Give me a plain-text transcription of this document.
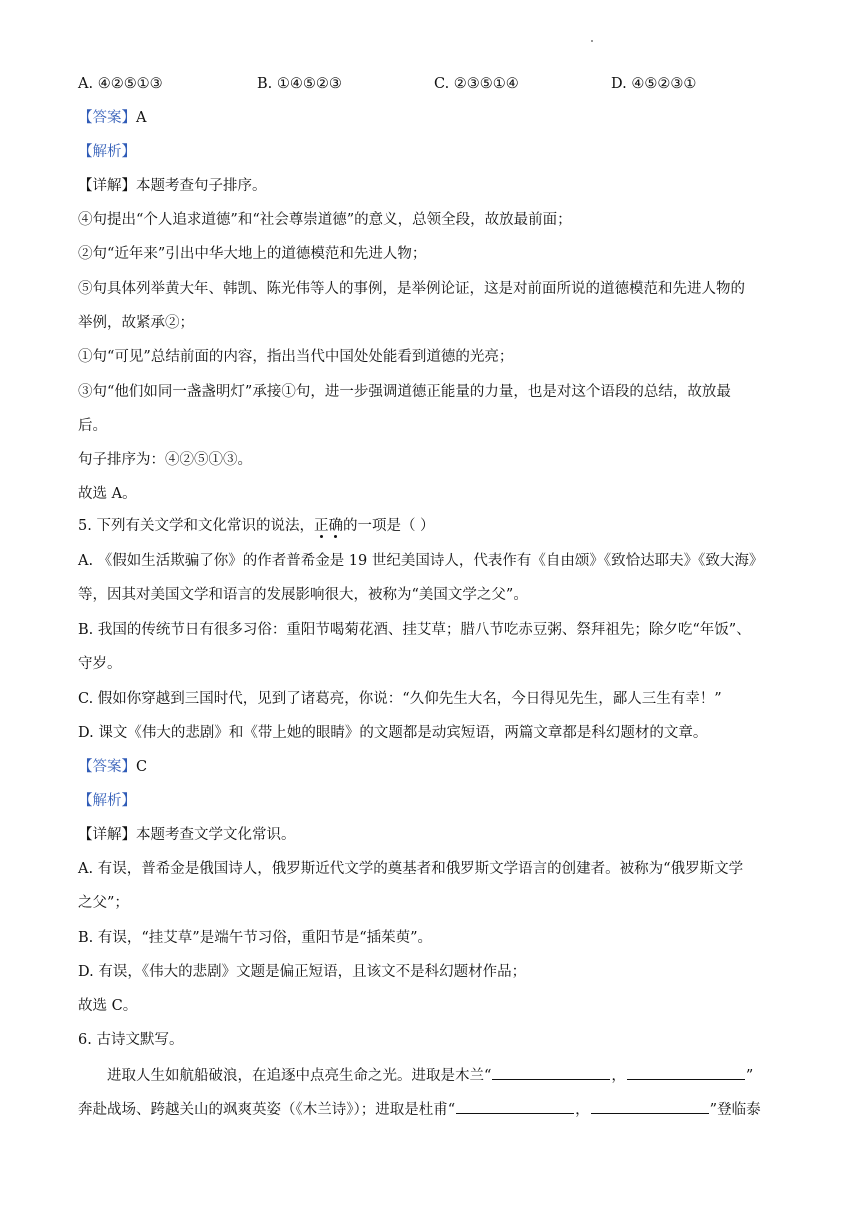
A. ④②⑤①③	B. ①④⑤②③	C. ②③⑤①④	D. ④⑤②③①
【答案】A
【解析】
【详解】本题考查句子排序。
④句提出“个人追求道德”和“社会尊崇道德”的意义，总领全段，故放最前面；
②句“近年来”引出中华大地上的道德模范和先进人物；
⑤句具体列举黄大年、韩凯、陈光伟等人的事例，是举例论证，这是对前面所说的道德模范和先进人物的
举例，故紧承②；
①句“可见”总结前面的内容，指出当代中国处处能看到道德的光亮；
③句“他们如同一盏盏明灯”承接①句，进一步强调道德正能量的力量，也是对这个语段的总结，故放最
后。
句子排序为：④②⑤①③。
故选 A。
5. 下列有关文学和文化常识的说法，正确的一项是（ ）
A. 《假如生活欺骗了你》的作者普希金是 19 世纪美国诗人，代表作有《自由颂》《致恰达耶夫》《致大海》
等，因其对美国文学和语言的发展影响很大，被称为“美国文学之父”。
B. 我国的传统节日有很多习俗：重阳节喝菊花酒、挂艾草；腊八节吃赤豆粥、祭拜祖先；除夕吃“年饭”、
守岁。
C. 假如你穿越到三国时代，见到了诸葛亮，你说：“久仰先生大名，今日得见先生，鄙人三生有幸！”
D. 课文《伟大的悲剧》和《带上她的眼睛》的文题都是动宾短语，两篇文章都是科幻题材的文章。
【答案】C
【解析】
【详解】本题考查文学文化常识。
A. 有误，普希金是俄国诗人，俄罗斯近代文学的奠基者和俄罗斯文学语言的创建者。被称为“俄罗斯文学
之父”；
B. 有误，“挂艾草”是端午节习俗，重阳节是“插茱萸”。
D. 有误，《伟大的悲剧》文题是偏正短语，且该文不是科幻题材作品；
故选 C。
6. 古诗文默写。
进取人生如航船破浪，在追逐中点亮生命之光。进取是木兰“	，	”
奔赴战场、跨越关山的飒爽英姿（《木兰诗》）；进取是杜甫“	，	”登临泰
